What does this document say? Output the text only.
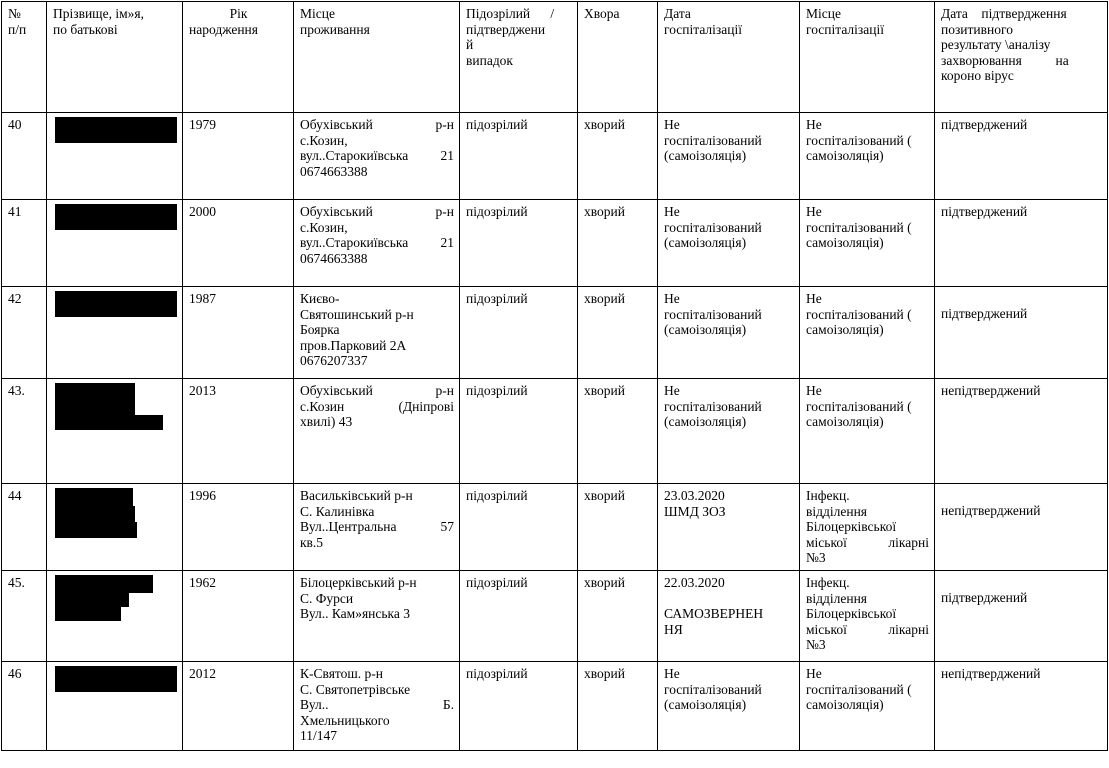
№
п/п	Прізвище, ім»я,
по батькові	Рік
народження	Місце
проживання	Підозрілий      /
підтверджени
й
випадок	Хвора	Дата
госпіталізації	Місце
госпіталізації	Дата    підтвердження
позитивного
результату \аналізу
захворювання          на
короно вірус

40		1979	Обухівський р-н
с.Козин,
вул..Старокиївська 21
0674663388	підозрілий	хворий	Не
госпіталізований
(самоізоляція)	Не
госпіталізований (
самоізоляція)	підтверджений

41		2000	Обухівський р-н
с.Козин,
вул..Старокиївська 21
0674663388	підозрілий	хворий	Не
госпіталізований
(самоізоляція)	Не
госпіталізований (
самоізоляція)	підтверджений

42		1987	Києво-
Святошинський р-н
Боярка
пров.Парковий 2А
0676207337	підозрілий	хворий	Не
госпіталізований
(самоізоляція)	Не
госпіталізований (
самоізоляція)	підтверджений

43.		2013	Обухівський р-н
с.Козин (Дніпрові
хвилі) 43	підозрілий	хворий	Не
госпіталізований
(самоізоляція)	Не
госпіталізований (
самоізоляція)	непідтверджений

44		1996	Васильківський р-н
С. Калинівка
Вул..Центральна 57
кв.5	підозрілий	хворий	23.03.2020
ШМД ЗОЗ	Інфекц.
відділення
Білоцерківської
міської лікарні
№3	непідтверджений

45.		1962	Білоцерківський р-н
С. Фурси
Вул.. Кам»янська 3	підозрілий	хворий	22.03.2020

САМОЗВЕРНЕН
НЯ	Інфекц.
відділення
Білоцерківської
міської лікарні
№3	підтверджений

46		2012	К-Святош. р-н
С. Святопетрівське
Вул.. Б.
Хмельницького
11/147	підозрілий	хворий	Не
госпіталізований
(самоізоляція)	Не
госпіталізований (
самоізоляція)	непідтверджений
